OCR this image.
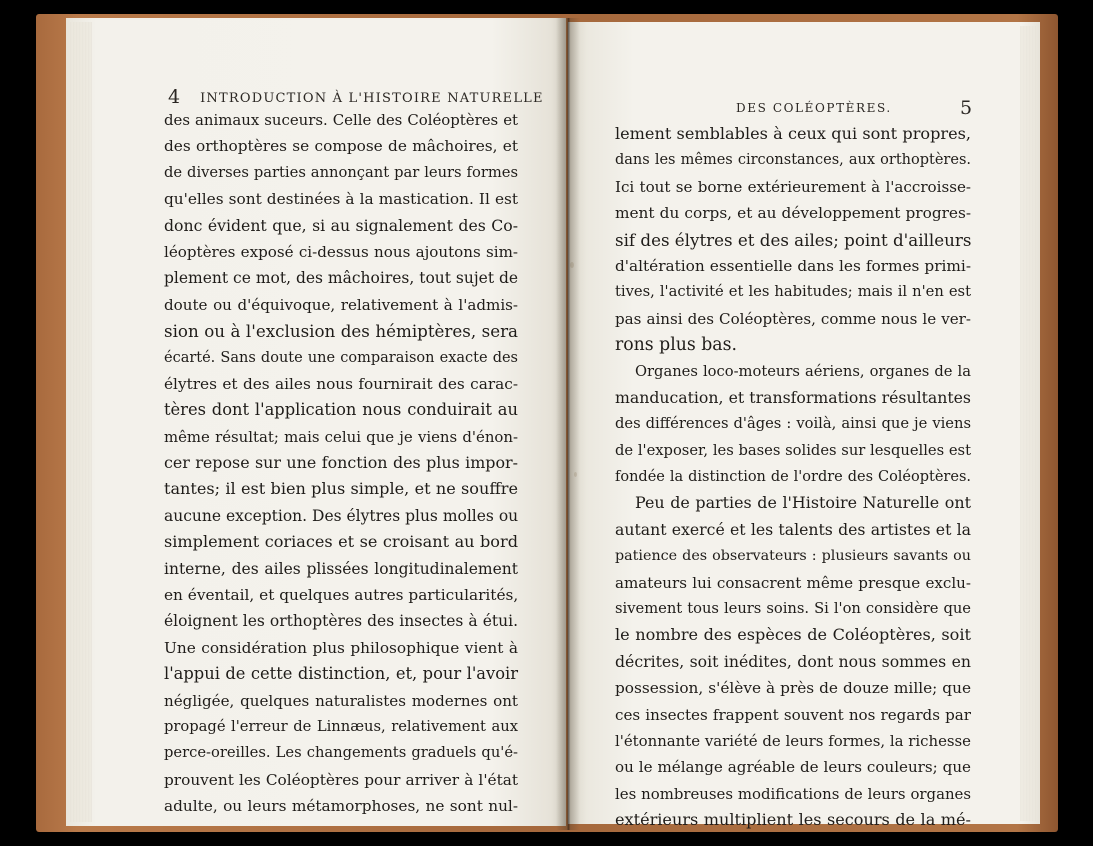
4 INTRODUCTION À L'HISTOIRE NATURELLE
DES COLÉOPTÈRES.	5
des animaux suceurs. Celle des Coléoptères et
des orthoptères se compose de mâchoires, et
de diverses parties annonçant par leurs formes
qu'elles sont destinées à la mastication. Il est
donc évident que, si au signalement des Co-
léoptères exposé ci-dessus nous ajoutons sim-
plement ce mot, des mâchoires, tout sujet de
doute ou d'équivoque, relativement à l'admis-
sion ou à l'exclusion des hémiptères, sera
écarté. Sans doute une comparaison exacte des
élytres et des ailes nous fournirait des carac-
tères dont l'application nous conduirait au
même résultat; mais celui que je viens d'énon-
cer repose sur une fonction des plus impor-
tantes; il est bien plus simple, et ne souffre
aucune exception. Des élytres plus molles ou
simplement coriaces et se croisant au bord
interne, des ailes plissées longitudinalement
en éventail, et quelques autres particularités,
éloignent les orthoptères des insectes à étui.
Une considération plus philosophique vient à
l'appui de cette distinction, et, pour l'avoir
négligée, quelques naturalistes modernes ont
propagé l'erreur de Linnæus, relativement aux
perce-oreilles. Les changements graduels qu'é-
prouvent les Coléoptères pour arriver à l'état
adulte, ou leurs métamorphoses, ne sont nul-
lement semblables à ceux qui sont propres,
dans les mêmes circonstances, aux orthoptères.
Ici tout se borne extérieurement à l'accroisse-
ment du corps, et au développement progres-
sif des élytres et des ailes; point d'ailleurs
d'altération essentielle dans les formes primi-
tives, l'activité et les habitudes; mais il n'en est
pas ainsi des Coléoptères, comme nous le ver-
rons plus bas.
Organes loco-moteurs aériens, organes de la
manducation, et transformations résultantes
des différences d'âges : voilà, ainsi que je viens
de l'exposer, les bases solides sur lesquelles est
fondée la distinction de l'ordre des Coléoptères.
Peu de parties de l'Histoire Naturelle ont
autant exercé et les talents des artistes et la
patience des observateurs : plusieurs savants ou
amateurs lui consacrent même presque exclu-
sivement tous leurs soins. Si l'on considère que
le nombre des espèces de Coléoptères, soit
décrites, soit inédites, dont nous sommes en
possession, s'élève à près de douze mille; que
ces insectes frappent souvent nos regards par
l'étonnante variété de leurs formes, la richesse
ou le mélange agréable de leurs couleurs; que
les nombreuses modifications de leurs organes
extérieurs multiplient les secours de la mé-
